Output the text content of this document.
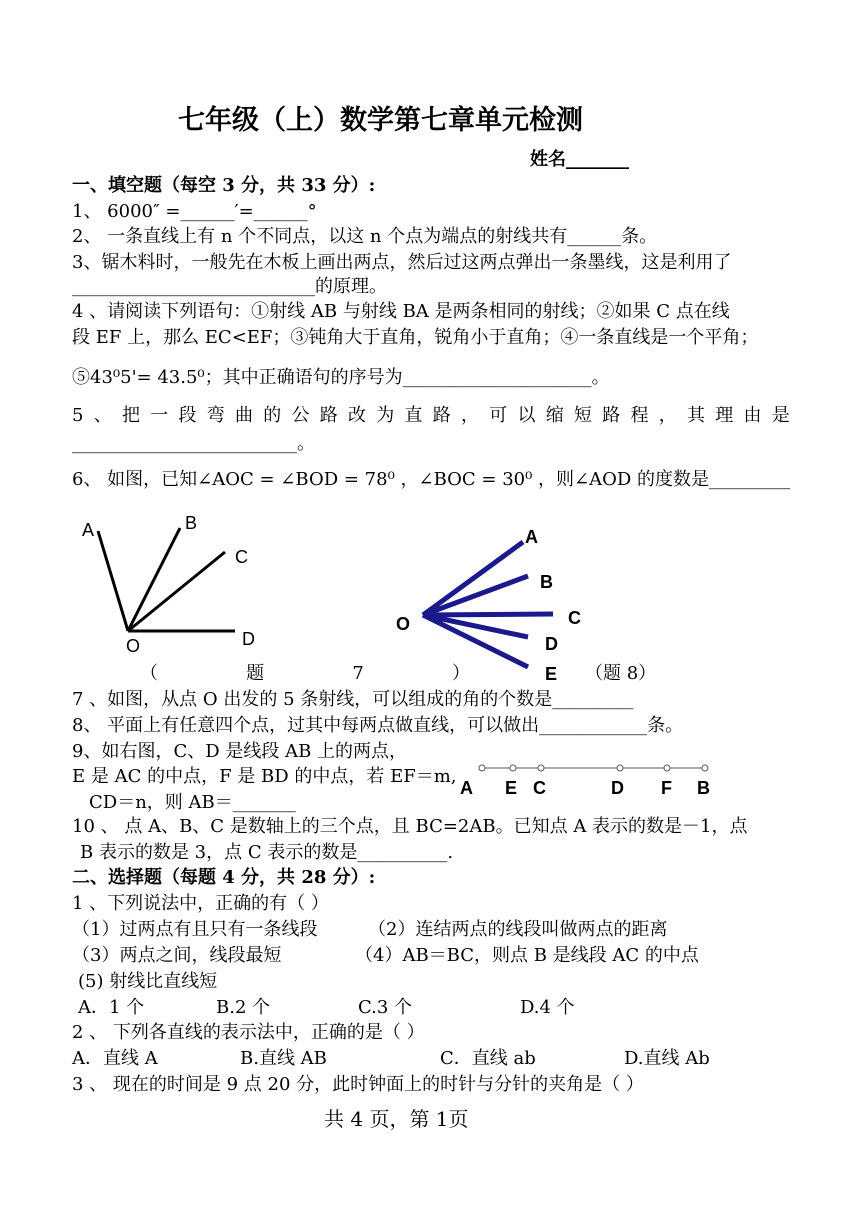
七年级（上）数学第七章单元检测
姓名_______
一、填空题（每空 3 分，共 33 分）:
1、 6000″ =______′=______°
2、 一条直线上有 n 个不同点，以这 n 个点为端点的射线共有______条。
3、锯木料时，一般先在木板上画出两点，然后过这两点弹出一条墨线，这是利用了
___________________________的原理。
4 、请阅读下列语句：①射线 AB 与射线 BA 是两条相同的射线；②如果 C 点在线
段 EF 上，那么 EC<EF；③钝角大于直角，锐角小于直角；④一条直线是一个平角；
⑤43⁰5'= 43.5⁰；其中正确语句的序号为_____________________。
5 、 把 一 段 弯 曲 的 公 路 改 为 直 路 ， 可 以 缩 短 路 程 ， 其 理 由 是
_________________________。
6、 如图，已知∠AOC = ∠BOD = 78⁰ ，∠BOC = 30⁰ ，则∠AOD 的度数是_________
A	B
C
O	D
A
B
C
D
E
O
（	题	7	）	（题 8）
7 、如图，从点 O 出发的 5 条射线，可以组成的角的个数是_________
8、 平面上有任意四个点，过其中每两点做直线，可以做出____________条。
9、如右图，C、D 是线段 AB 上的两点，
E 是 AC 的中点，F 是 BD 的中点，若 EF＝m,
CD＝n，则 AB＝_______
A E C	D F B
10 、 点 A、B、C 是数轴上的三个点，且 BC=2AB。已知点 A 表示的数是－1，点
B 表示的数是 3，点 C 表示的数是__________.
二、选择题（每题 4 分，共 28 分）:
1 、下列说法中，正确的有（ ）
（1）过两点有且只有一条线段	（2）连结两点的线段叫做两点的距离
（3）两点之间，线段最短	（4）AB＝BC，则点 B 是线段 AC 的中点
(5) 射线比直线短
A．1 个	B.2 个	C.3 个	D.4 个
2 、 下列各直线的表示法中，正确的是（ ）
A．直线 A	B.直线 AB	C．直线 ab	D.直线 Ab
3 、 现在的时间是 9 点 20 分，此时钟面上的时针与分针的夹角是（ ）
共 4 页，第 1页
